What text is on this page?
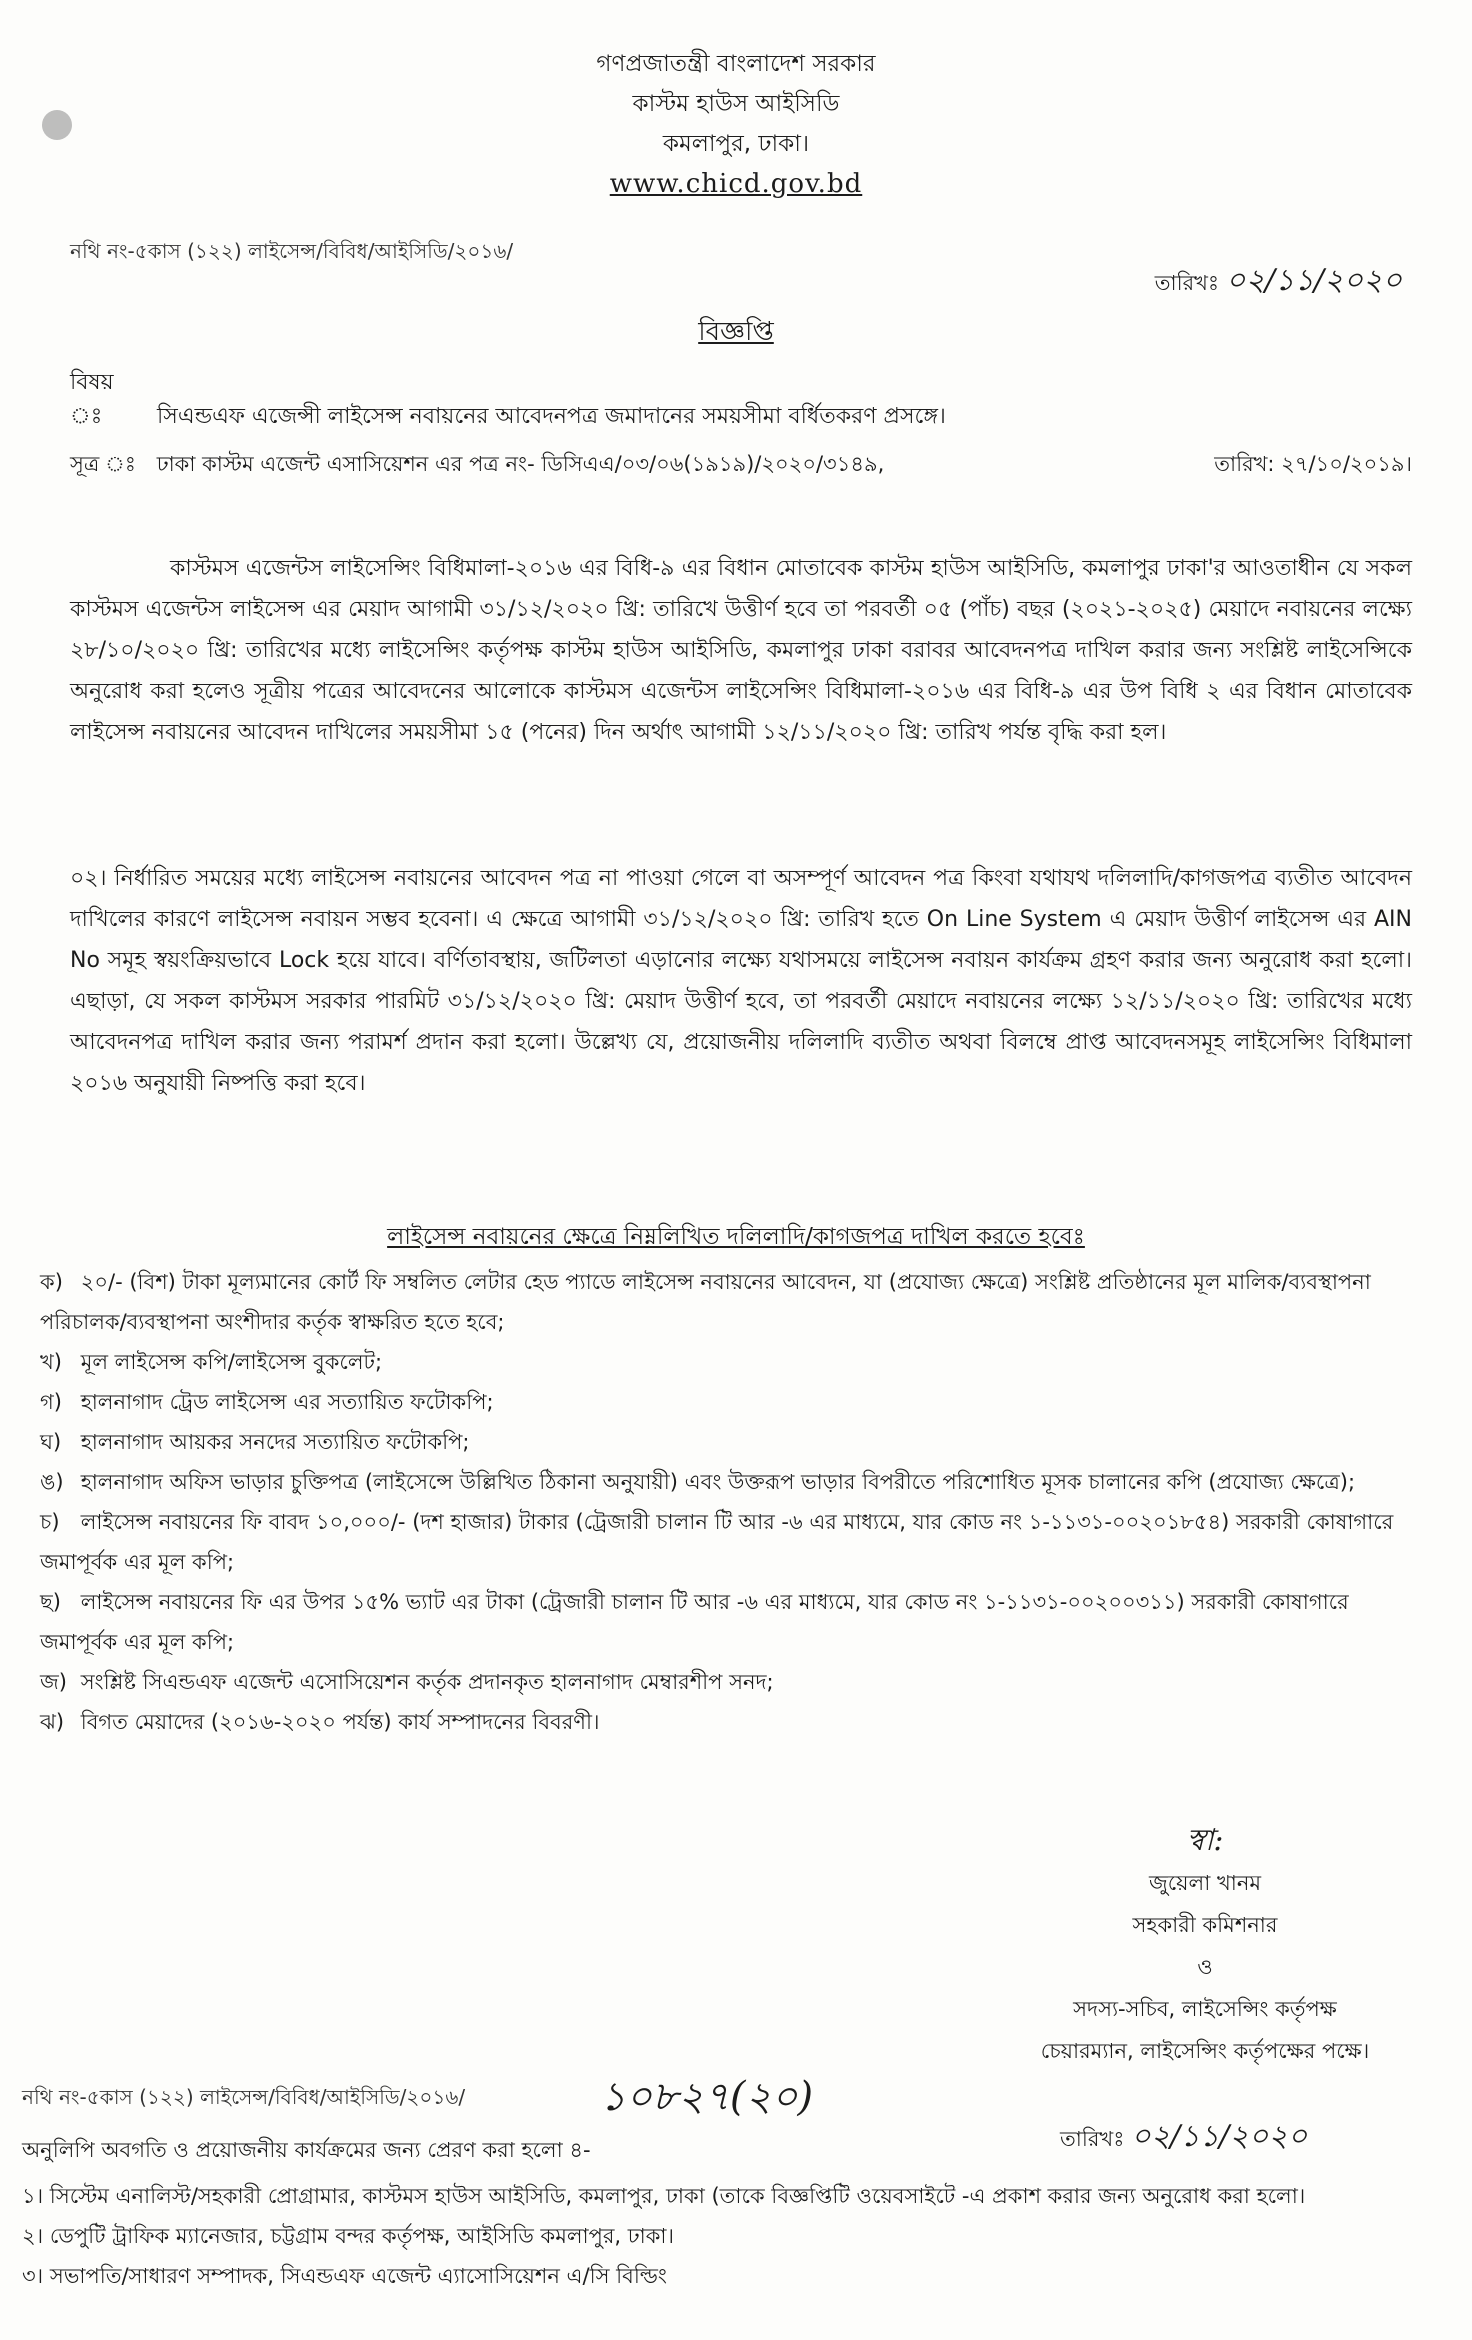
গণপ্রজাতন্ত্রী বাংলাদেশ সরকার
কাস্টম হাউস আইসিডি
কমলাপুর, ঢাকা।
www.chicd.gov.bd
নথি নং-৫কাস (১২২) লাইসেন্স/বিবিধ/আইসিডি/২০১৬/
তারিখঃ ০২/১১/২০২০
বিজ্ঞপ্তি
বিষয় ঃ সিএন্ডএফ এজেন্সী লাইসেন্স নবায়নের আবেদনপত্র জমাদানের সময়সীমা বর্ধিতকরণ প্রসঙ্গে।
সূত্র ঃ ঢাকা কাস্টম এজেন্ট এসাসিয়েশন এর পত্র নং- ডিসিএএ/০৩/০৬(১৯১৯)/২০২০/৩১৪৯,	তারিখ: ২৭/১০/২০১৯।
কাস্টমস এজেন্টস লাইসেন্সিং বিধিমালা-২০১৬ এর বিধি-৯ এর বিধান মোতাবেক কাস্টম হাউস আইসিডি, কমলাপুর ঢাকা'র আওতাধীন যে সকল কাস্টমস এজেন্টস লাইসেন্স এর মেয়াদ আগামী ৩১/১২/২০২০ খ্রি: তারিখে উত্তীর্ণ হবে তা পরবর্তী ০৫ (পাঁচ) বছর (২০২১-২০২৫) মেয়াদে নবায়নের লক্ষ্যে ২৮/১০/২০২০ খ্রি: তারিখের মধ্যে লাইসেন্সিং কর্তৃপক্ষ কাস্টম হাউস আইসিডি, কমলাপুর ঢাকা বরাবর আবেদনপত্র দাখিল করার জন্য সংশ্লিষ্ট লাইসেন্সিকে অনুরোধ করা হলেও সূত্রীয় পত্রের আবেদনের আলোকে কাস্টমস এজেন্টস লাইসেন্সিং বিধিমালা-২০১৬ এর বিধি-৯ এর উপ বিধি ২ এর বিধান মোতাবেক লাইসেন্স নবায়নের আবেদন দাখিলের সময়সীমা ১৫ (পনের) দিন অর্থাৎ আগামী ১২/১১/২০২০ খ্রি: তারিখ পর্যন্ত বৃদ্ধি করা হল।
০২। নির্ধারিত সময়ের মধ্যে লাইসেন্স নবায়নের আবেদন পত্র না পাওয়া গেলে বা অসম্পূর্ণ আবেদন পত্র কিংবা যথাযথ দলিলাদি/কাগজপত্র ব্যতীত আবেদন দাখিলের কারণে লাইসেন্স নবায়ন সম্ভব হবেনা। এ ক্ষেত্রে আগামী ৩১/১২/২০২০ খ্রি: তারিখ হতে On Line System এ মেয়াদ উত্তীর্ণ লাইসেন্স এর AIN No সমূহ স্বয়ংক্রিয়ভাবে Lock হয়ে যাবে। বর্ণিতাবস্থায়, জটিলতা এড়ানোর লক্ষ্যে যথাসময়ে লাইসেন্স নবায়ন কার্যক্রম গ্রহণ করার জন্য অনুরোধ করা হলো। এছাড়া, যে সকল কাস্টমস সরকার পারমিট ৩১/১২/২০২০ খ্রি: মেয়াদ উত্তীর্ণ হবে, তা পরবর্তী মেয়াদে নবায়নের লক্ষ্যে ১২/১১/২০২০ খ্রি: তারিখের মধ্যে আবেদনপত্র দাখিল করার জন্য পরামর্শ প্রদান করা হলো। উল্লেখ্য যে, প্রয়োজনীয় দলিলাদি ব্যতীত অথবা বিলম্বে প্রাপ্ত আবেদনসমূহ লাইসেন্সিং বিধিমালা ২০১৬ অনুযায়ী নিষ্পত্তি করা হবে।
লাইসেন্স নবায়নের ক্ষেত্রে নিম্নলিখিত দলিলাদি/কাগজপত্র দাখিল করতে হবেঃ
ক) ২০/- (বিশ) টাকা মূল্যমানের কোর্ট ফি সম্বলিত লেটার হেড প্যাডে লাইসেন্স নবায়নের আবেদন, যা (প্রযোজ্য ক্ষেত্রে) সংশ্লিষ্ট প্রতিষ্ঠানের মূল মালিক/ব্যবস্থাপনা পরিচালক/ব্যবস্থাপনা অংশীদার কর্তৃক স্বাক্ষরিত হতে হবে;
খ) মূল লাইসেন্স কপি/লাইসেন্স বুকলেট;
গ) হালনাগাদ ট্রেড লাইসেন্স এর সত্যায়িত ফটোকপি;
ঘ) হালনাগাদ আয়কর সনদের সত্যায়িত ফটোকপি;
ঙ) হালনাগাদ অফিস ভাড়ার চুক্তিপত্র (লাইসেন্সে উল্লিখিত ঠিকানা অনুযায়ী) এবং উক্তরূপ ভাড়ার বিপরীতে পরিশোধিত মূসক চালানের কপি (প্রযোজ্য ক্ষেত্রে);
চ) লাইসেন্স নবায়নের ফি বাবদ ১০,০০০/- (দশ হাজার) টাকার (ট্রেজারী চালান টি আর -৬ এর মাধ্যমে, যার কোড নং ১-১১৩১-০০২০১৮৫৪) সরকারী কোষাগারে জমাপূর্বক এর মূল কপি;
ছ) লাইসেন্স নবায়নের ফি এর উপর ১৫% ভ্যাট এর টাকা (ট্রেজারী চালান টি আর -৬ এর মাধ্যমে, যার কোড নং ১-১১৩১-০০২০০৩১১) সরকারী কোষাগারে জমাপূর্বক এর মূল কপি;
জ) সংশ্লিষ্ট সিএন্ডএফ এজেন্ট এসোসিয়েশন কর্তৃক প্রদানকৃত হালনাগাদ মেম্বারশীপ সনদ;
ঝ) বিগত মেয়াদের (২০১৬-২০২০ পর্যন্ত) কার্য সম্পাদনের বিবরণী।
স্বা:
জুয়েলা খানম
সহকারী কমিশনার
ও
সদস্য-সচিব, লাইসেন্সিং কর্তৃপক্ষ
চেয়ারম্যান, লাইসেন্সিং কর্তৃপক্ষের পক্ষে।
নথি নং-৫কাস (১২২) লাইসেন্স/বিবিধ/আইসিডি/২০১৬/	১০৮২৭(২০)
তারিখঃ ০২/১১/২০২০
অনুলিপি অবগতি ও প্রয়োজনীয় কার্যক্রমের জন্য প্রেরণ করা হলো ৪-
১। সিস্টেম এনালিস্ট/সহকারী প্রোগ্রামার, কাস্টমস হাউস আইসিডি, কমলাপুর, ঢাকা (তাকে বিজ্ঞপ্তিটি ওয়েবসাইটে -এ প্রকাশ করার জন্য অনুরোধ করা হলো।
২। ডেপুটি ট্রাফিক ম্যানেজার, চট্টগ্রাম বন্দর কর্তৃপক্ষ, আইসিডি কমলাপুর, ঢাকা।
৩। সভাপতি/সাধারণ সম্পাদক, সিএন্ডএফ এজেন্ট এ্যাসোসিয়েশন এ/সি বিল্ডিং
